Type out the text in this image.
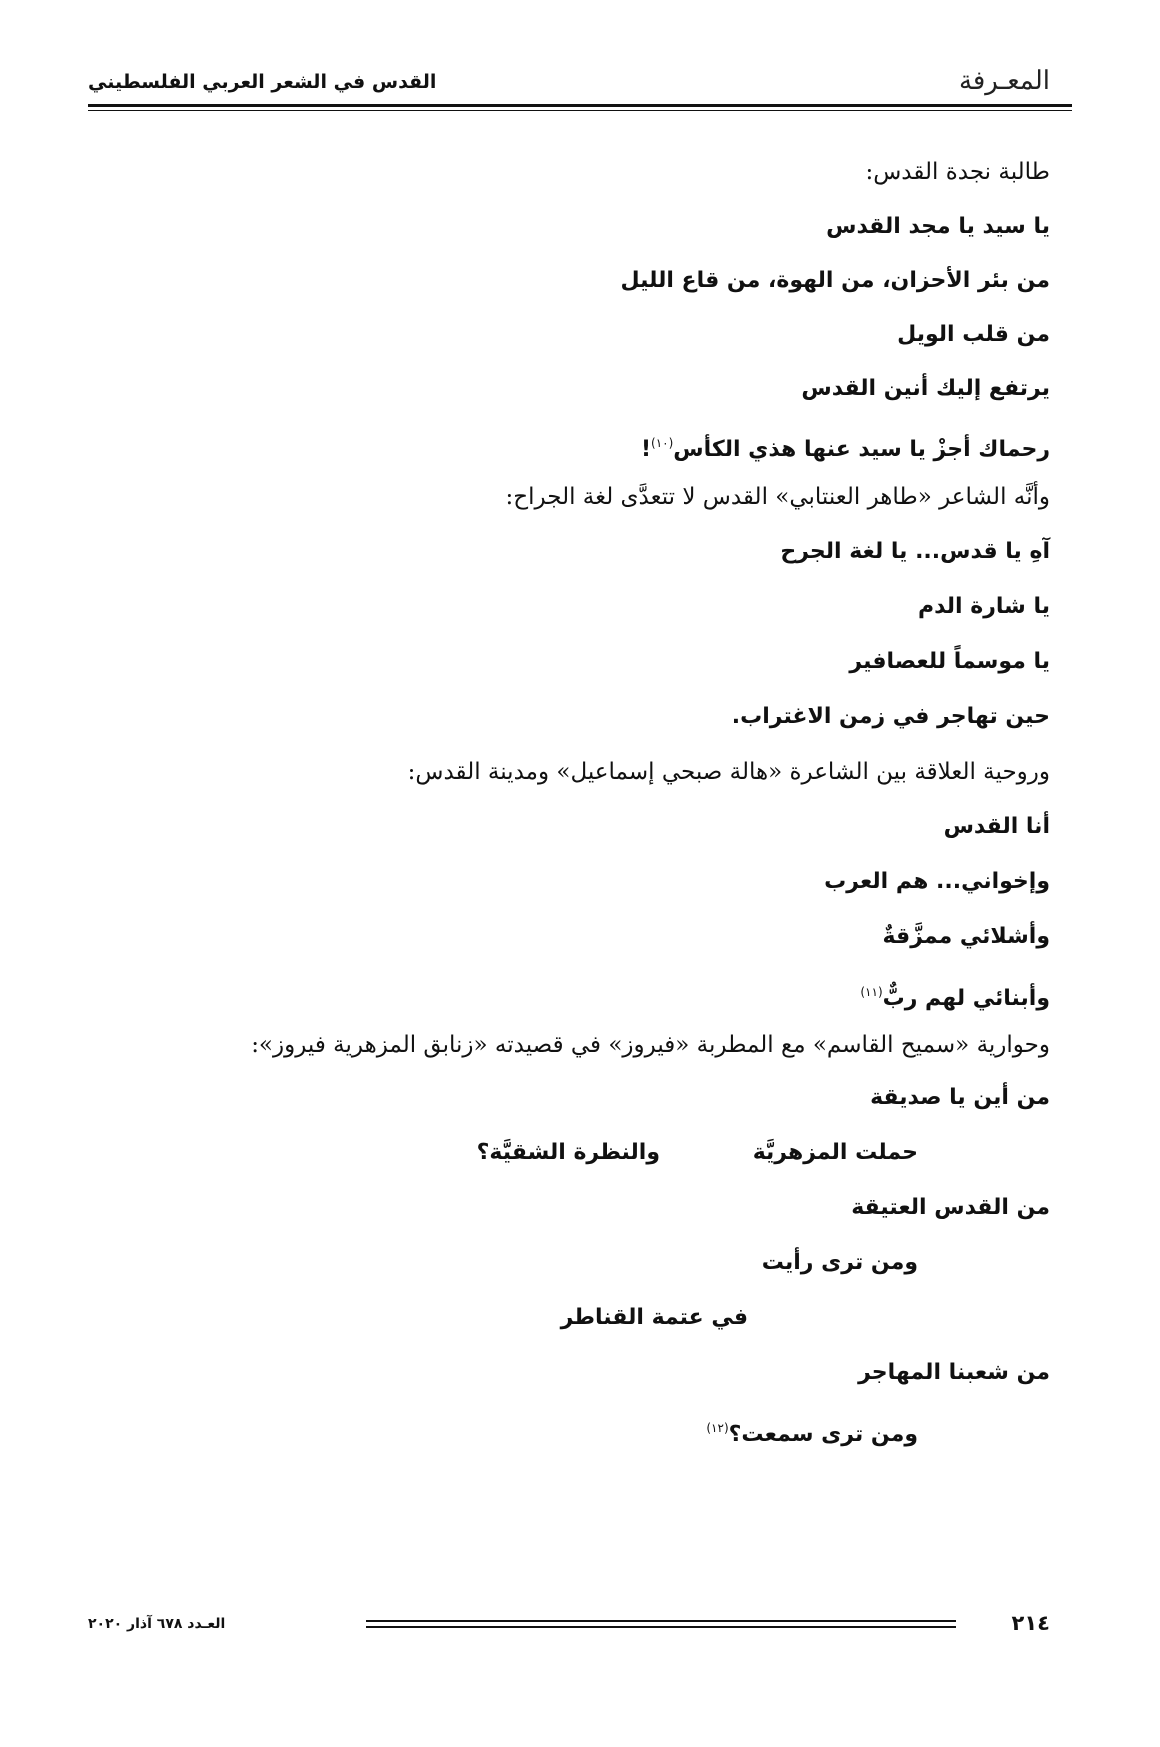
المعـرفة
القدس في الشعر العربي الفلسطيني
طالبة نجدة القدس:
يا سيد يا مجد القدس
من بئر الأحزان، من الهوة، من قاع الليل
من قلب الويل
يرتفع إليك أنين القدس
رحماك أجزْ يا سيد عنها هذي الكأس$^{(١٠)}$!
وأنَّه الشاعر «طاهر العنتابي» القدس لا تتعدَّى لغة الجراح:
آهِ يا قدس... يا لغة الجرح
يا شارة الدم
يا موسماً للعصافير
حين تهاجر في زمن الاغتراب.
وروحية العلاقة بين الشاعرة «هالة صبحي إسماعيل» ومدينة القدس:
أنا القدس
وإخواني... هم العرب
وأشلائي ممزَّقةٌ
وأبنائي لهم ربٌّ$^{(١١)}$
وحوارية «سميح القاسم» مع المطربة «فيروز» في قصيدته «زنابق المزهرية فيروز»:
من أين يا صديقة
حملت المزهريَّة
والنظرة الشقيَّة؟
من القدس العتيقة
ومن ترى رأيت
في عتمة القناطر
من شعبنا المهاجر
ومن ترى سمعت؟$^{(١٢)}$
٢١٤
العـدد ٦٧٨ آذار ٢٠٢٠
